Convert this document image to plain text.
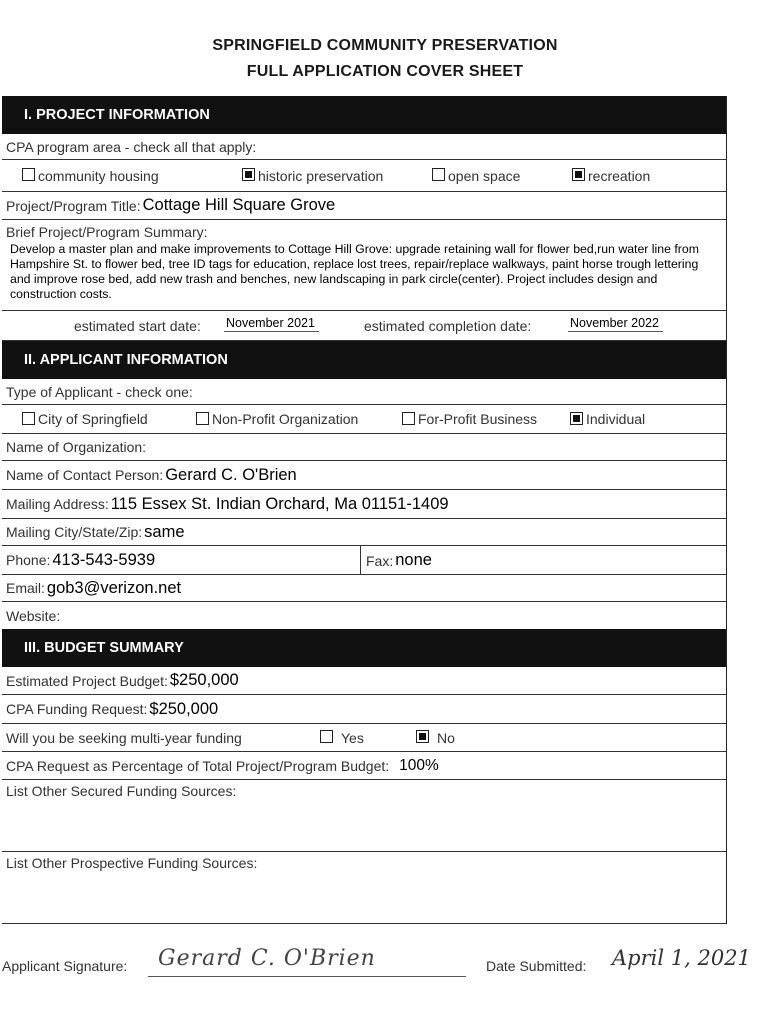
SPRINGFIELD COMMUNITY PRESERVATION
FULL APPLICATION COVER SHEET
I. PROJECT INFORMATION
CPA program area - check all that apply:
community housing	historic preservation	open space	recreation
Project/Program Title: Cottage Hill Square Grove
Brief Project/Program Summary:
Develop a master plan and make improvements to Cottage Hill Grove: upgrade retaining wall for flower bed,run water line from Hampshire St. to flower bed, tree ID tags for education, replace lost trees, repair/replace walkways, paint horse trough lettering and improve rose bed, add new trash and benches, new landscaping in park circle(center). Project includes design and construction costs.
estimated start date: November 2021	estimated completion date:	November 2022
II. APPLICANT INFORMATION
Type of Applicant - check one:
City of Springfield	Non-Profit Organization	For-Profit Business	Individual
Name of Organization:
Name of Contact Person: Gerard C. O'Brien
Mailing Address: 115 Essex St. Indian Orchard, Ma 01151-1409
Mailing City/State/Zip: same
Phone: 413-543-5939	Fax: none
Email: gob3@verizon.net
Website:
III. BUDGET SUMMARY
Estimated Project Budget: $250,000
CPA Funding Request: $250,000
Will you be seeking multi-year funding	Yes	No
CPA Request as Percentage of Total Project/Program Budget: 100%
List Other Secured Funding Sources:
List Other Prospective Funding Sources:
Applicant Signature: Gerard C. O'Brien	Date Submitted: April 1, 2021
